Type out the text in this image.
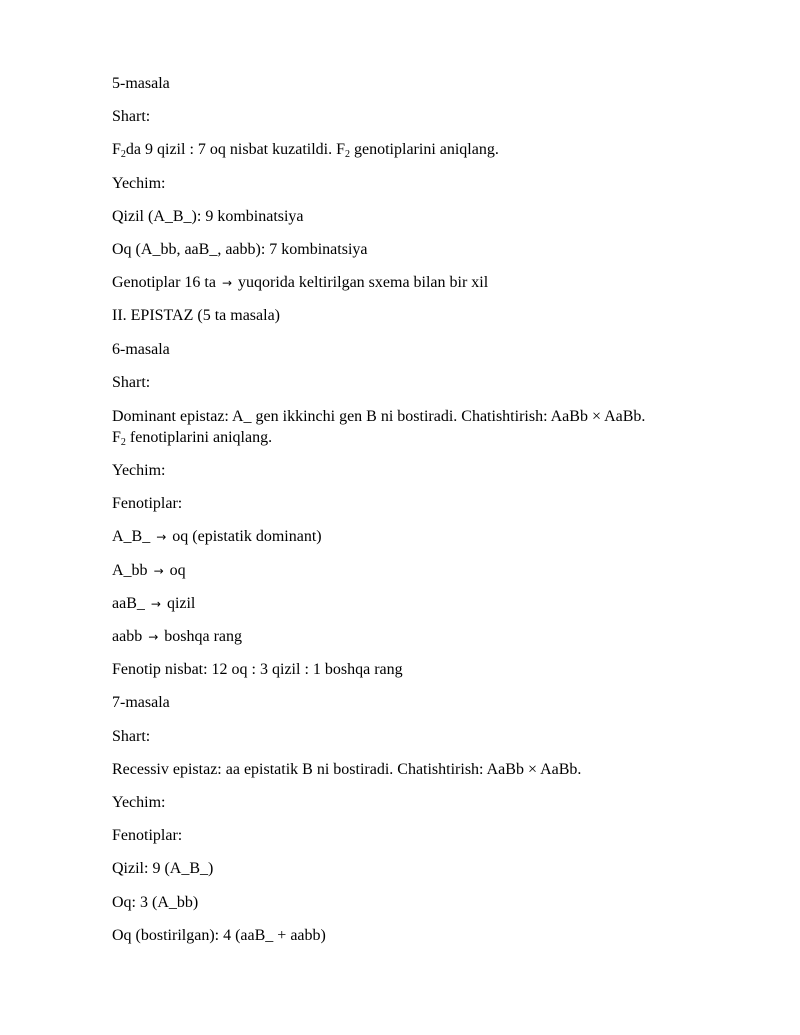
5-masala
Shart:
$F_2da$ 9 qizil : 7 oq nisbat kuzatildi. $F_2$ genotiplarini aniqlang.
Yechim:
Qizil (A_B_): 9 kombinatsiya
Oq (A_bb, aaB_, aabb): 7 kombinatsiya
Genotiplar 16 ta → yuqorida keltirilgan sxema bilan bir xil
II. EPISTAZ (5 ta masala)
6-masala
Shart:
Dominant epistaz: A_ gen ikkinchi gen B ni bostiradi. Chatishtirish: AaBb × AaBb.
$F_2$ fenotiplarini aniqlang.
Yechim:
Fenotiplar:
A_B_ → oq (epistatik dominant)
A_bb → oq
aaB_ → qizil
aabb → boshqa rang
Fenotip nisbat: 12 oq : 3 qizil : 1 boshqa rang
7-masala
Shart:
Recessiv epistaz: aa epistatik B ni bostiradi. Chatishtirish: AaBb × AaBb.
Yechim:
Fenotiplar:
Qizil: 9 (A_B_)
Oq: 3 (A_bb)
Oq (bostirilgan): 4 (aaB_ + aabb)
